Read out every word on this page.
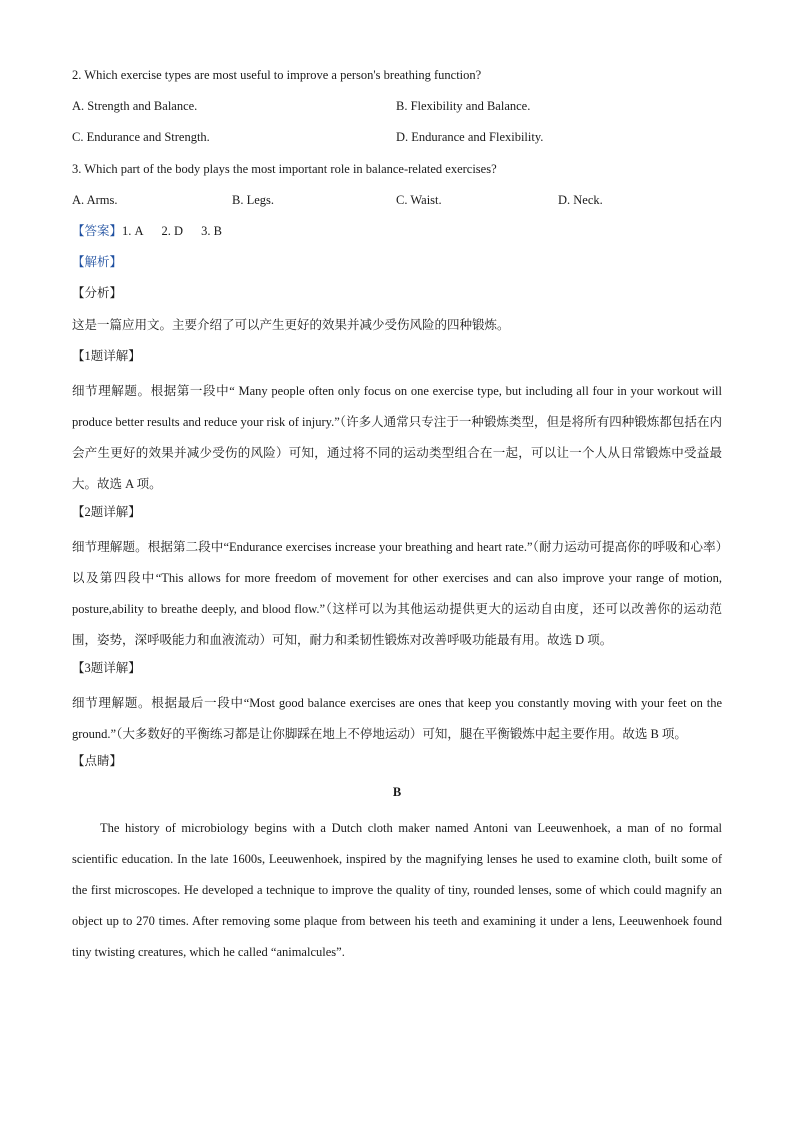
2. Which exercise types are most useful to improve a person's breathing function?
A. Strength and Balance.	B. Flexibility and Balance.
C. Endurance and Strength.	D. Endurance and Flexibility.
3. Which part of the body plays the most important role in balance-related exercises?
A. Arms.	B. Legs.	C. Waist.	D. Neck.
【答案】1. A 2. D 3. B
【解析】
【分析】
这是一篇应用文。主要介绍了可以产生更好的效果并减少受伤风险的四种锻炼。
【1题详解】

细节理解题。根据第一段中“ Many people often only focus on one exercise type, but including all four in your workout will produce better results and reduce your risk of injury.”（许多人通常只专注于一种锻炼类型，但是将所有四种锻炼都包括在内会产生更好的效果并减少受伤的风险）可知，通过将不同的运动类型组合在一起，可以让一个人从日常锻炼中受益最大。故选 A 项。

【2题详解】

细节理解题。根据第二段中“Endurance exercises increase your breathing and heart rate.”（耐力运动可提高你的呼吸和心率）以及第四段中“This allows for more freedom of movement for other exercises and can also improve your range of motion, posture,ability to breathe deeply, and blood flow.”（这样可以为其他运动提供更大的运动自由度，还可以改善你的运动范围，姿势，深呼吸能力和血液流动）可知，耐力和柔韧性锻炼对改善呼吸功能最有用。故选 D 项。

【3题详解】

细节理解题。根据最后一段中“Most good balance exercises are ones that keep you constantly moving with your feet on the ground.”（大多数好的平衡练习都是让你脚踩在地上不停地运动）可知，腿在平衡锻炼中起主要作用。故选 B 项。

【点睛】
B

The history of microbiology begins with a Dutch cloth maker named Antoni van Leeuwenhoek, a man of no formal scientific education. In the late 1600s, Leeuwenhoek, inspired by the magnifying lenses he used to examine cloth, built some of the first microscopes. He developed a technique to improve the quality of tiny, rounded lenses, some of which could magnify an object up to 270 times. After removing some plaque from between his teeth and examining it under a lens, Leeuwenhoek found tiny twisting creatures, which he called “animalcules”.
